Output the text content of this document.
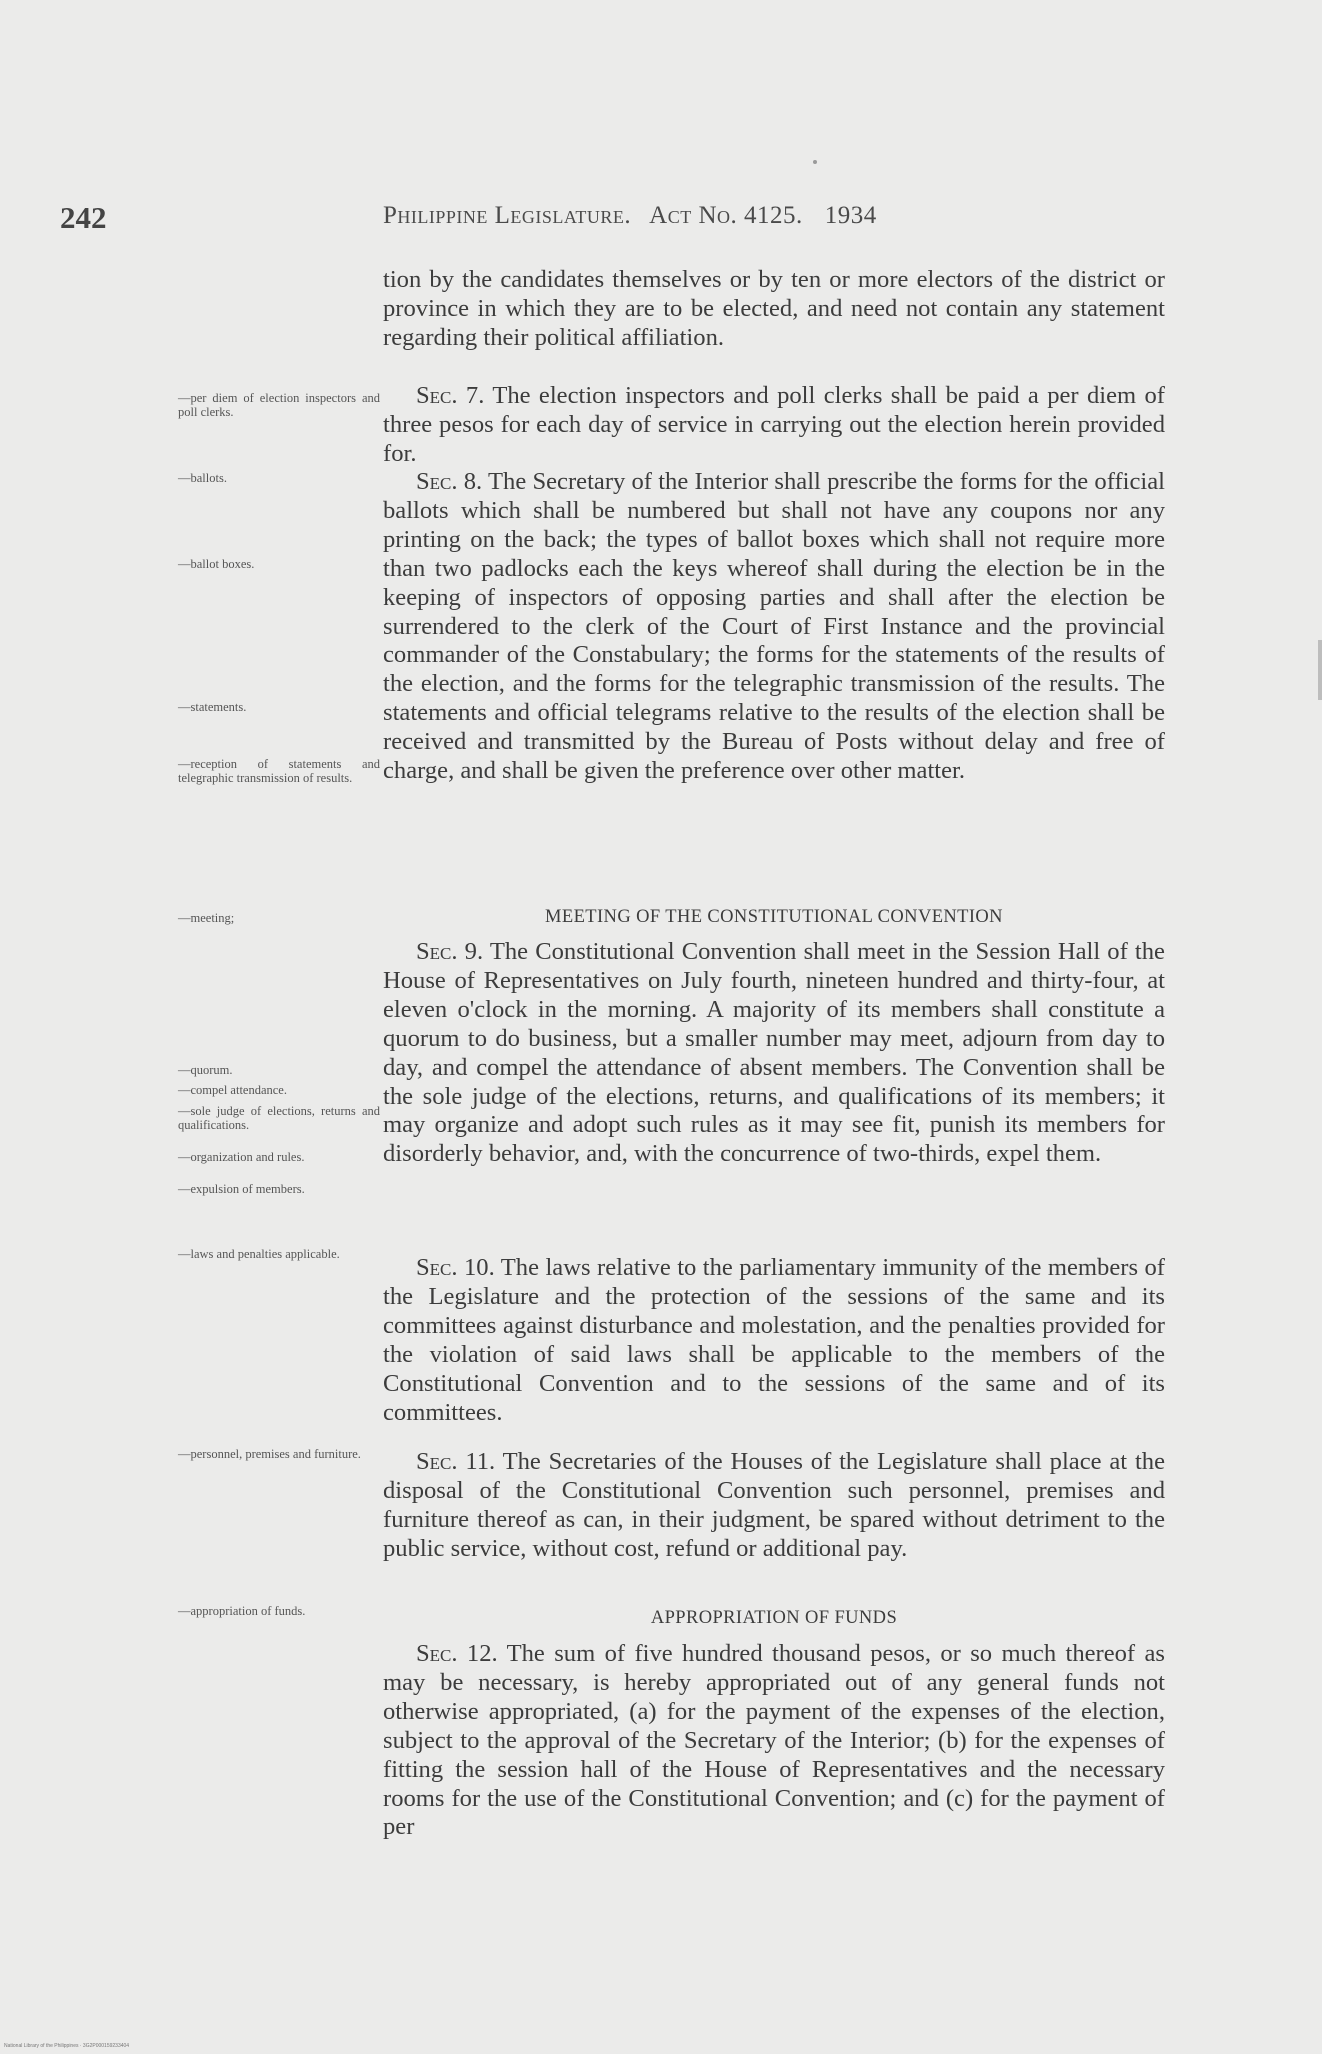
242	Philippine Legislature. Act No. 4125. 1934
—per diem of election inspectors and poll clerks.
—ballots.
—ballot boxes.
—statements.
—reception of statements and telegraphic transmission of results.
—meeting;
—quorum.
—compel attendance.
—sole judge of elections, returns and qualifications.
—organization and rules.
—expulsion of members.
—laws and penalties applicable.
—personnel, premises and furniture.
—appropriation of funds.

tion by the candidates themselves or by ten or more electors of the district or province in which they are to be elected, and need not contain any statement regarding their political affiliation.

Sec. 7. The election inspectors and poll clerks shall be paid a per diem of three pesos for each day of service in carrying out the election herein provided for.

Sec. 8. The Secretary of the Interior shall prescribe the forms for the official ballots which shall be numbered but shall not have any coupons nor any printing on the back; the types of ballot boxes which shall not require more than two padlocks each the keys whereof shall during the election be in the keeping of inspectors of opposing parties and shall after the election be surrendered to the clerk of the Court of First Instance and the provincial commander of the Constabulary; the forms for the statements of the results of the election, and the forms for the telegraphic transmission of the results. The statements and official telegrams relative to the results of the election shall be received and transmitted by the Bureau of Posts without delay and free of charge, and shall be given the preference over other matter.

MEETING OF THE CONSTITUTIONAL CONVENTION

Sec. 9. The Constitutional Convention shall meet in the Session Hall of the House of Representatives on July fourth, nineteen hundred and thirty-four, at eleven o'clock in the morning. A majority of its members shall constitute a quorum to do business, but a smaller number may meet, adjourn from day to day, and compel the attendance of absent members. The Convention shall be the sole judge of the elections, returns, and qualifications of its members; it may organize and adopt such rules as it may see fit, punish its members for disorderly behavior, and, with the concurrence of two-thirds, expel them.

Sec. 10. The laws relative to the parliamentary immunity of the members of the Legislature and the protection of the sessions of the same and its committees against disturbance and molestation, and the penalties provided for the violation of said laws shall be applicable to the members of the Constitutional Convention and to the sessions of the same and of its committees.

Sec. 11. The Secretaries of the Houses of the Legislature shall place at the disposal of the Constitutional Convention such personnel, premises and furniture thereof as can, in their judgment, be spared without detriment to the public service, without cost, refund or additional pay.

APPROPRIATION OF FUNDS

Sec. 12. The sum of five hundred thousand pesos, or so much thereof as may be necessary, is hereby appropriated out of any general funds not otherwise appropriated, (a) for the payment of the expenses of the election, subject to the approval of the Secretary of the Interior; (b) for the expenses of fitting the session hall of the House of Representatives and the necessary rooms for the use of the Constitutional Convention; and (c) for the payment of per

National Library of the Philippines · 3G2P000159233404
